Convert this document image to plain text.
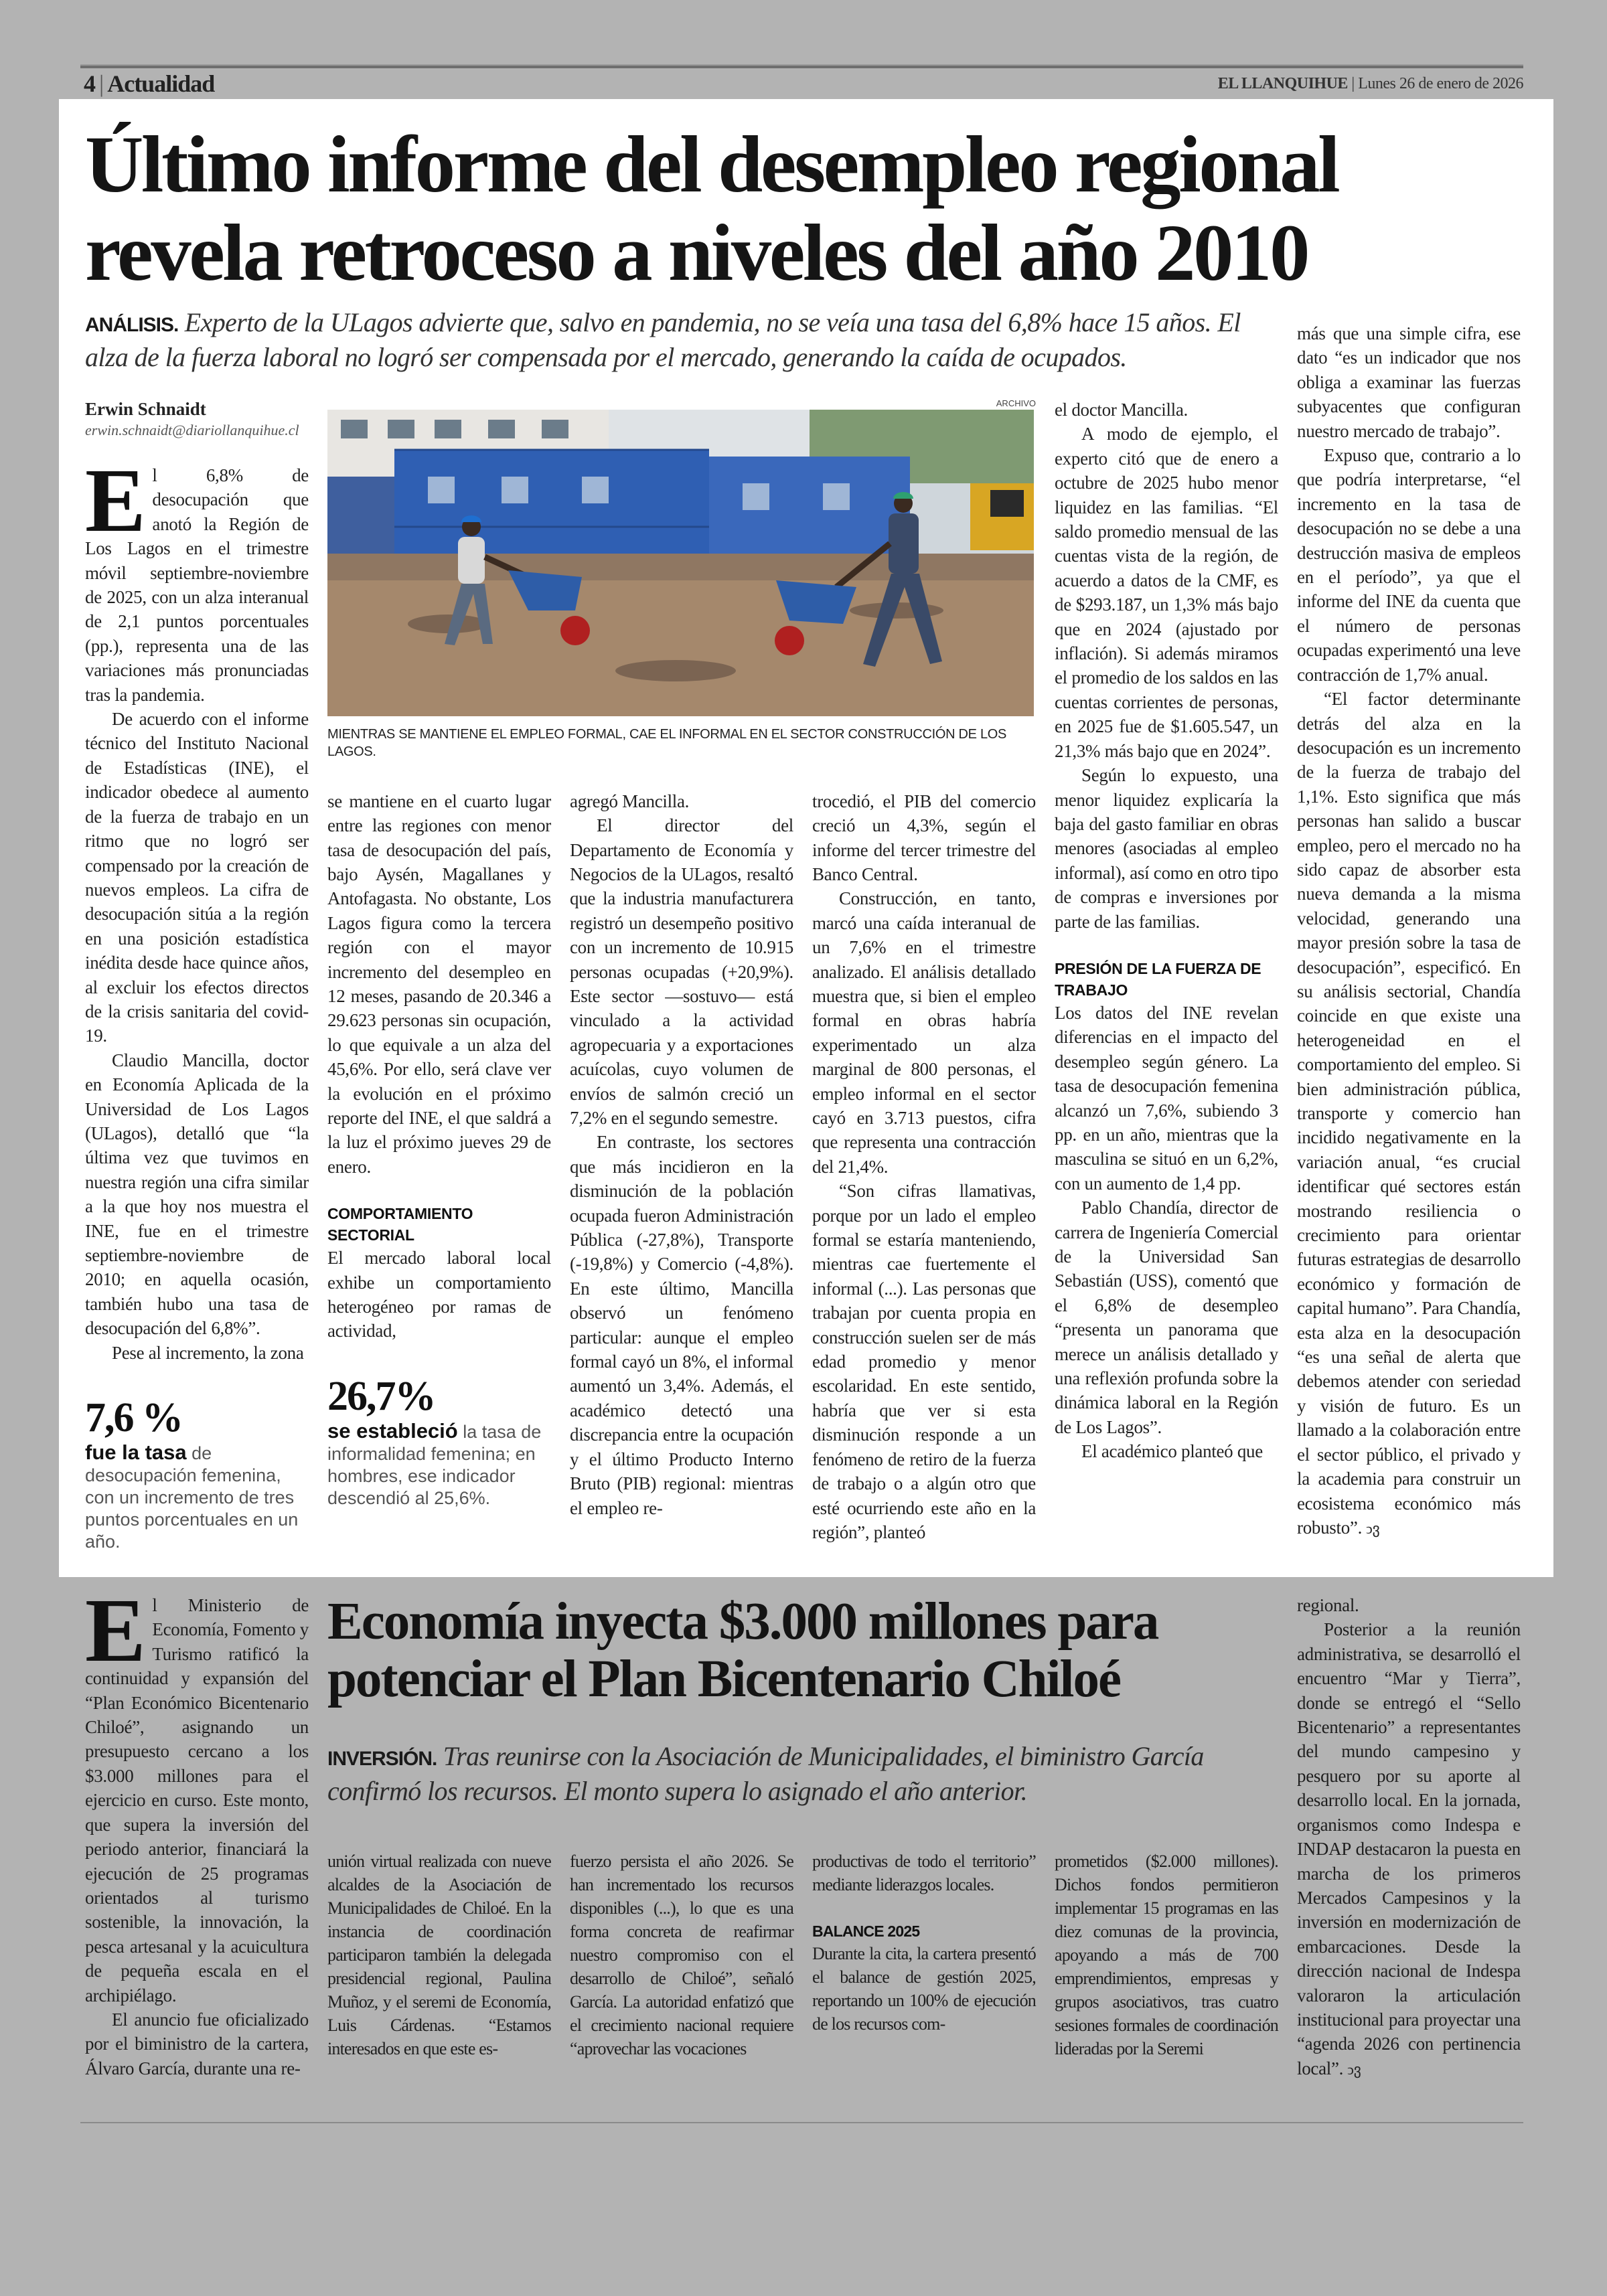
4 | Actualidad	EL LLANQUIHUE | Lunes 26 de enero de 2026
Último informe del desempleo regional
revela retroceso a niveles del año 2010
ANÁLISIS. Experto de la ULagos advierte que, salvo en pandemia, no se veía una tasa del 6,8% hace 15 años. El alza de la fuerza laboral no logró ser compensada por el mercado, generando la caída de ocupados.
Erwin Schnaidt
erwin.schnaidt@diariollanquihue.cl

El 6,8% de desocupación que anotó la Región de Los Lagos en el trimestre móvil septiembre-noviembre de 2025, con un alza interanual de 2,1 puntos porcentuales (pp.), representa una de las variaciones más pronunciadas tras la pandemia.

De acuerdo con el informe técnico del Instituto Nacional de Estadísticas (INE), el indicador obedece al aumento de la fuerza de trabajo en un ritmo que no logró ser compensado por la creación de nuevos empleos. La cifra de desocupación sitúa a la región en una posición estadística inédita desde hace quince años, al excluir los efectos directos de la crisis sanitaria del covid-19.

Claudio Mancilla, doctor en Economía Aplicada de la Universidad de Los Lagos (ULagos), detalló que “la última vez que tuvimos en nuestra región una cifra similar a la que hoy nos muestra el INE, fue en el trimestre septiembre-noviembre de 2010; en aquella ocasión, también hubo una tasa de desocupación del 6,8%”.

Pese al incremento, la zona

7,6 %
fue la tasa de desocupación femenina, con un incremento de tres puntos porcentuales en un año.
ARCHIVO
MIENTRAS SE MANTIENE EL EMPLEO FORMAL, CAE EL INFORMAL EN EL SECTOR CONSTRUCCIÓN DE LOS LAGOS.

se mantiene en el cuarto lugar entre las regiones con menor tasa de desocupación del país, bajo Aysén, Magallanes y Antofagasta. No obstante, Los Lagos figura como la tercera región con el mayor incremento del desempleo en 12 meses, pasando de 20.346 a 29.623 personas sin ocupación, lo que equivale a un alza del 45,6%. Por ello, será clave ver la evolución en el próximo reporte del INE, el que saldrá a la luz el próximo jueves 29 de enero.

COMPORTAMIENTO SECTORIAL

El mercado laboral local exhibe un comportamiento heterogéneo por ramas de actividad,

26,7%
se estableció la tasa de informalidad femenina; en hombres, ese indicador descendió al 25,6%.

agregó Mancilla.

El director del Departamento de Economía y Negocios de la ULagos, resaltó que la industria manufacturera registró un desempeño positivo con un incremento de 10.915 personas ocupadas (+20,9%). Este sector —sostuvo— está vinculado a la actividad agropecuaria y a exportaciones acuícolas, cuyo volumen de envíos de salmón creció un 7,2% en el segundo semestre.

En contraste, los sectores que más incidieron en la disminución de la población ocupada fueron Administración Pública (-27,8%), Transporte (-19,8%) y Comercio (-4,8%). En este último, Mancilla observó un fenómeno particular: aunque el empleo formal cayó un 8%, el informal aumentó un 3,4%. Además, el académico detectó una discrepancia entre la ocupación y el último Producto Interno Bruto (PIB) regional: mientras el empleo re-

trocedió, el PIB del comercio creció un 4,3%, según el informe del tercer trimestre del Banco Central.

Construcción, en tanto, marcó una caída interanual de un 7,6% en el trimestre analizado. El análisis detallado muestra que, si bien el empleo formal en obras habría experimentado un alza marginal de 800 personas, el empleo informal en el sector cayó en 3.713 puestos, cifra que representa una contracción del 21,4%.

“Son cifras llamativas, porque por un lado el empleo formal se estaría manteniendo, mientras cae fuertemente el informal (...). Las personas que trabajan por cuenta propia en construcción suelen ser de más edad promedio y menor escolaridad. En este sentido, habría que ver si esta disminución responde a un fenómeno de retiro de la fuerza de trabajo o a algún otro que esté ocurriendo este año en la región”, planteó

el doctor Mancilla.

A modo de ejemplo, el experto citó que de enero a octubre de 2025 hubo menor liquidez en las familias. “El saldo promedio mensual de las cuentas vista de la región, de acuerdo a datos de la CMF, es de $293.187, un 1,3% más bajo que en 2024 (ajustado por inflación). Si además miramos el promedio de los saldos en las cuentas corrientes de personas, en 2025 fue de $1.605.547, un 21,3% más bajo que en 2024”.

Según lo expuesto, una menor liquidez explicaría la baja del gasto familiar en obras menores (asociadas al empleo informal), así como en otro tipo de compras e inversiones por parte de las familias.

PRESIÓN DE LA FUERZA DE TRABAJO

Los datos del INE revelan diferencias en el impacto del desempleo según género. La tasa de desocupación femenina alcanzó un 7,6%, subiendo 3 pp. en un año, mientras que la masculina se situó en un 6,2%, con un aumento de 1,4 pp.

Pablo Chandía, director de carrera de Ingeniería Comercial de la Universidad San Sebastián (USS), comentó que el 6,8% de desempleo “presenta un panorama que merece un análisis detallado y una reflexión profunda sobre la dinámica laboral en la Región de Los Lagos”.

El académico planteó que

más que una simple cifra, ese dato “es un indicador que nos obliga a examinar las fuerzas subyacentes que configuran nuestro mercado de trabajo”.

Expuso que, contrario a lo que podría interpretarse, “el incremento en la tasa de desocupación no se debe a una destrucción masiva de empleos en el período”, ya que el informe del INE da cuenta que el número de personas ocupadas experimentó una leve contracción de 1,7% anual.

“El factor determinante detrás del alza en la desocupación es un incremento de la fuerza de trabajo del 1,1%. Esto significa que más personas han salido a buscar empleo, pero el mercado no ha sido capaz de absorber esta nueva demanda a la misma velocidad, generando una mayor presión sobre la tasa de desocupación”, especificó. En su análisis sectorial, Chandía coincide en que existe una heterogeneidad en el comportamiento del empleo. Si bien administración pública, transporte y comercio han incidido negativamente en la variación anual, “es crucial identificar qué sectores están mostrando resiliencia o crecimiento para orientar futuras estrategias de desarrollo económico y formación de capital humano”. Para Chandía, esta alza en la desocupación “es una señal de alerta que debemos atender con seriedad y visión de futuro. Es un llamado a la colaboración entre el sector público, el privado y la academia para construir un ecosistema económico más robusto”. ↄვ

El Ministerio de Economía, Fomento y Turismo ratificó la continuidad y expansión del “Plan Económico Bicentenario Chiloé”, asignando un presupuesto cercano a los $3.000 millones para el ejercicio en curso. Este monto, que supera la inversión del periodo anterior, financiará la ejecución de 25 programas orientados al turismo sostenible, la innovación, la pesca artesanal y la acuicultura de pequeña escala en el archipiélago.

El anuncio fue oficializado por el biministro de la cartera, Álvaro García, durante una re-

Economía inyecta $3.000 millones para
potenciar el Plan Bicentenario Chiloé
INVERSIÓN. Tras reunirse con la Asociación de Municipalidades, el biministro García confirmó los recursos. El monto supera lo asignado el año anterior.

unión virtual realizada con nueve alcaldes de la Asociación de Municipalidades de Chiloé. En la instancia de coordinación participaron también la delegada presidencial regional, Paulina Muñoz, y el seremi de Economía, Luis Cárdenas. “Estamos interesados en que este es-

fuerzo persista el año 2026. Se han incrementado los recursos disponibles (...), lo que es una forma concreta de reafirmar nuestro compromiso con el desarrollo de Chiloé”, señaló García. La autoridad enfatizó que el crecimiento nacional requiere “aprovechar las vocaciones

productivas de todo el territorio” mediante liderazgos locales.

BALANCE 2025

Durante la cita, la cartera presentó el balance de gestión 2025, reportando un 100% de ejecución de los recursos com-

prometidos ($2.000 millones). Dichos fondos permitieron implementar 15 programas en las diez comunas de la provincia, apoyando a más de 700 emprendimientos, empresas y grupos asociativos, tras cuatro sesiones formales de coordinación lideradas por la Seremi

regional.

Posterior a la reunión administrativa, se desarrolló el encuentro “Mar y Tierra”, donde se entregó el “Sello Bicentenario” a representantes del mundo campesino y pesquero por su aporte al desarrollo local. En la jornada, organismos como Indespa e INDAP destacaron la puesta en marcha de los primeros Mercados Campesinos y la inversión en modernización de embarcaciones. Desde la dirección nacional de Indespa valoraron la articulación institucional para proyectar una “agenda 2026 con pertinencia local”. ↄვ
